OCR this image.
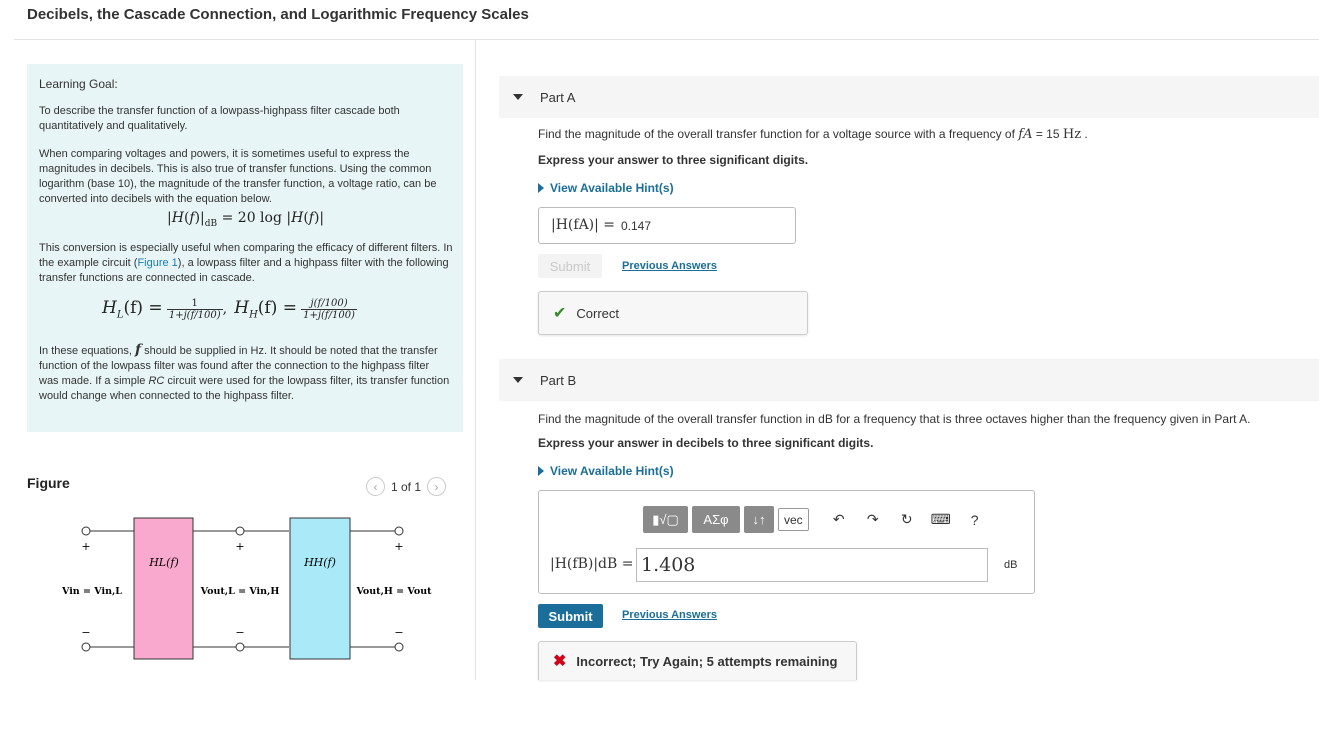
Decibels, the Cascade Connection, and Logarithmic Frequency Scales

Learning Goal:

To describe the transfer function of a lowpass-highpass filter cascade both quantitatively and qualitatively.

When comparing voltages and powers, it is sometimes useful to express the magnitudes in decibels. This is also true of transfer functions. Using the common logarithm (base 10), the magnitude of the transfer function, a voltage ratio, can be converted into decibels with the equation below.

$|H(f)|_{dB} = 20$ log |H(f)|
This conversion is especially useful when comparing the efficacy of different filters. In the example circuit (Figure 1), a lowpass filter and a highpass filter with the following transfer functions are connected in cascade.
$H_L(f) = \frac{1}{1+j(f/100)}$ , $H_H(f) = \frac{j(f/100)}{1+j(f/100)}$
In these equations, f should be supplied in Hz. It should be noted that the transfer function of the lowpass filter was found after the connection to the highpass filter was made. If a simple RC circuit were used for the lowpass filter, its transfer function would change when connected to the highpass filter.
Figure	‹	1 of 1	›
+
−
+
−
+
−
HL(f)	HH(f)
Vin = Vin,L	Vout,L = Vin,H	Vout,H = Vout
Part A
Find the magnitude of the overall transfer function for a voltage source with a frequency of fA = 15 Hz .
Express your answer to three significant digits.
View Available Hint(s)
|H(fA)| = 0.147
Submit	Previous Answers
✔ Correct
Part B
Find the magnitude of the overall transfer function in dB for a frequency that is three octaves higher than the frequency given in Part A.
Express your answer in decibels to three significant digits.
View Available Hint(s)
▮√▢	ΑΣφ	↓↑	vec	↶	↷	↻	⌨	?
|H(fB)|dB = 1.408	dB
Submit	Previous Answers
✖ Incorrect; Try Again; 5 attempts remaining
